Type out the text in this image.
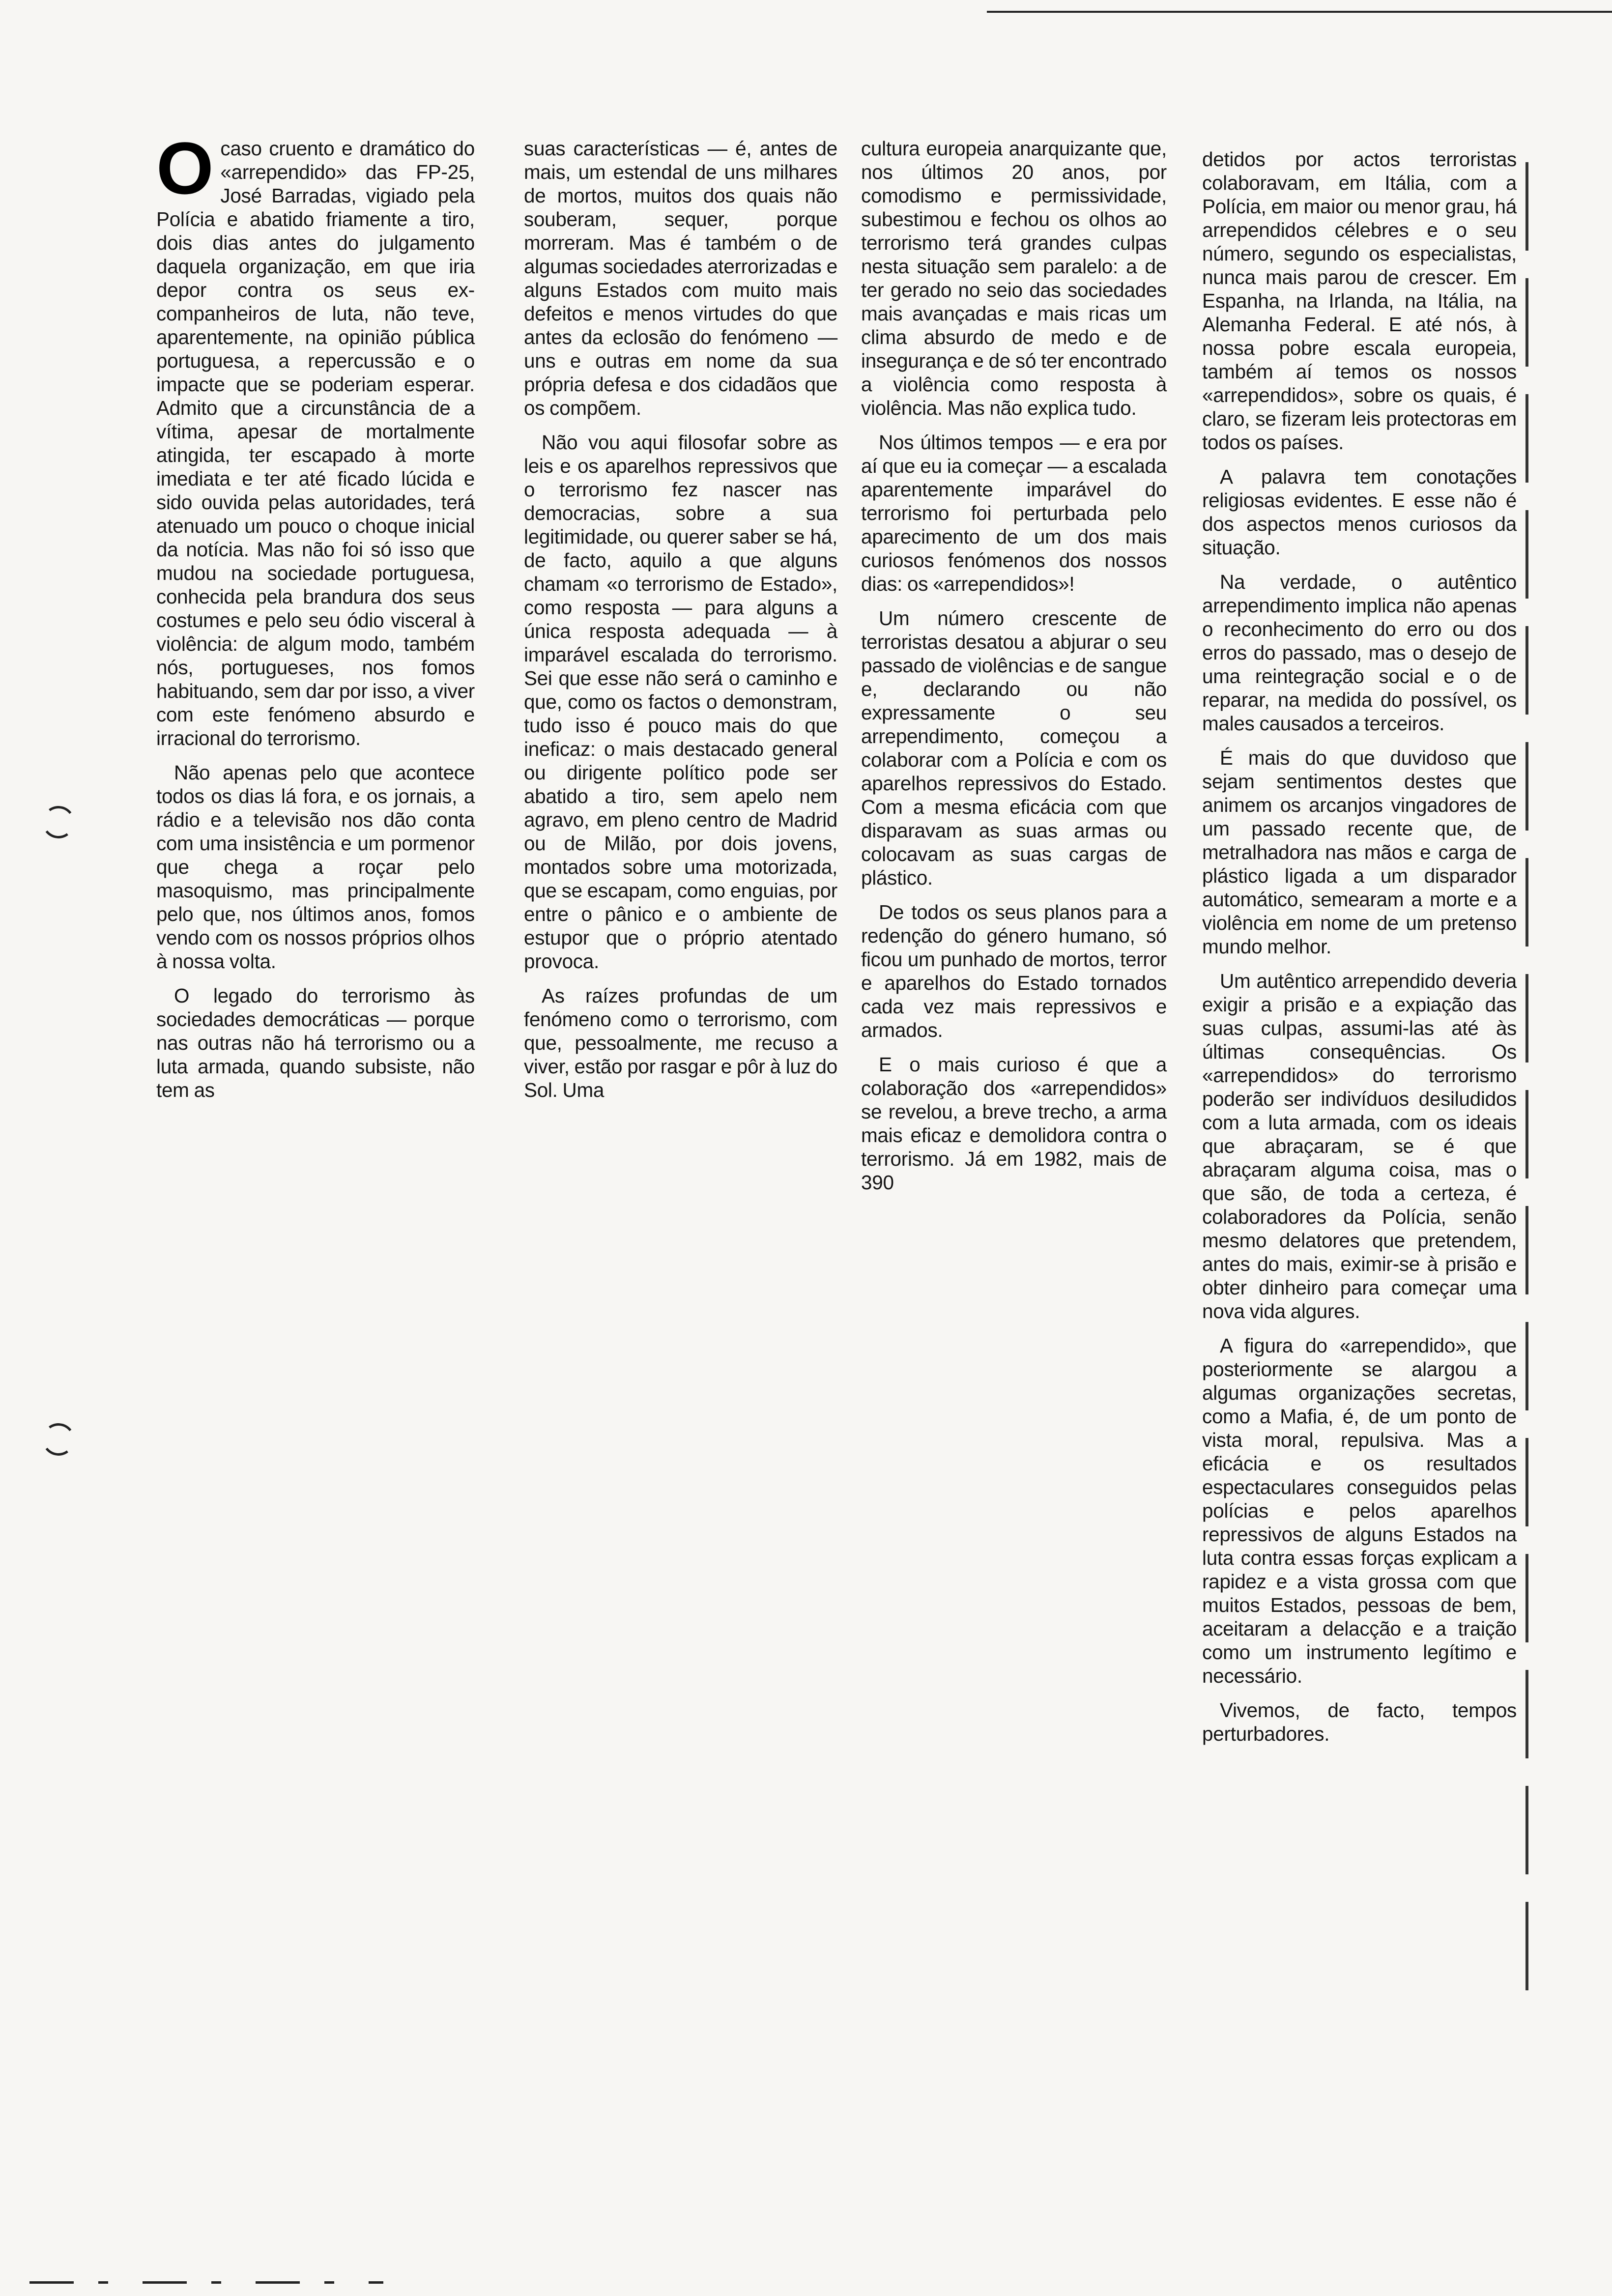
Ocaso cruento e dramático do «arrependido» das FP-25, José Barradas, vigiado pela Polícia e abatido friamente a tiro, dois dias antes do julgamento daquela organização, em que iria depor contra os seus ex-companheiros de luta, não teve, aparentemente, na opinião pública portuguesa, a repercussão e o impacte que se poderiam esperar. Admito que a circunstância de a vítima, apesar de mortalmente atingida, ter escapado à morte imediata e ter até ficado lúcida e sido ouvida pelas autoridades, terá atenuado um pouco o choque inicial da notícia. Mas não foi só isso que mudou na sociedade portuguesa, conhecida pela brandura dos seus costumes e pelo seu ódio visceral à violência: de algum modo, também nós, portugueses, nos fomos habituando, sem dar por isso, a viver com este fenómeno absurdo e irracional do terrorismo.

Não apenas pelo que acontece todos os dias lá fora, e os jornais, a rádio e a televisão nos dão conta com uma insistência e um pormenor que chega a roçar pelo masoquismo, mas principalmente pelo que, nos últimos anos, fomos vendo com os nossos próprios olhos à nossa volta.

O legado do terrorismo às sociedades democráticas — porque nas outras não há terrorismo ou a luta armada, quando subsiste, não tem as

suas características — é, antes de mais, um estendal de uns milhares de mortos, muitos dos quais não souberam, sequer, porque morreram. Mas é também o de algumas sociedades aterrorizadas e alguns Estados com muito mais defeitos e menos virtudes do que antes da eclosão do fenómeno — uns e outras em nome da sua própria defesa e dos cidadãos que os compõem.

Não vou aqui filosofar sobre as leis e os aparelhos repressivos que o terrorismo fez nascer nas democracias, sobre a sua legitimidade, ou querer saber se há, de facto, aquilo a que alguns chamam «o terrorismo de Estado», como resposta — para alguns a única resposta adequada — à imparável escalada do terrorismo. Sei que esse não será o caminho e que, como os factos o demonstram, tudo isso é pouco mais do que ineficaz: o mais destacado general ou dirigente político pode ser abatido a tiro, sem apelo nem agravo, em pleno centro de Madrid ou de Milão, por dois jovens, montados sobre uma motorizada, que se escapam, como enguias, por entre o pânico e o ambiente de estupor que o próprio atentado provoca.

As raízes profundas de um fenómeno como o terrorismo, com que, pessoalmente, me recuso a viver, estão por rasgar e pôr à luz do Sol. Uma

cultura europeia anarquizante que, nos últimos 20 anos, por comodismo e permissividade, subestimou e fechou os olhos ao terrorismo terá grandes culpas nesta situação sem paralelo: a de ter gerado no seio das sociedades mais avançadas e mais ricas um clima absurdo de medo e de insegurança e de só ter encontrado a violência como resposta à violência. Mas não explica tudo.

Nos últimos tempos — e era por aí que eu ia começar — a escalada aparentemente imparável do terrorismo foi perturbada pelo aparecimento de um dos mais curiosos fenómenos dos nossos dias: os «arrependidos»!

Um número crescente de terroristas desatou a abjurar o seu passado de violências e de sangue e, declarando ou não expressamente o seu arrependimento, começou a colaborar com a Polícia e com os aparelhos repressivos do Estado. Com a mesma eficácia com que disparavam as suas armas ou colocavam as suas cargas de plástico.

De todos os seus planos para a redenção do género humano, só ficou um punhado de mortos, terror e aparelhos do Estado tornados cada vez mais repressivos e armados.

E o mais curioso é que a colaboração dos «arrependidos» se revelou, a breve trecho, a arma mais eficaz e demolidora contra o terrorismo. Já em 1982, mais de 390

detidos por actos terroristas colaboravam, em Itália, com a Polícia, em maior ou menor grau, há arrependidos célebres e o seu número, segundo os especialistas, nunca mais parou de crescer. Em Espanha, na Irlanda, na Itália, na Alemanha Federal. E até nós, à nossa pobre escala europeia, também aí temos os nossos «arrependidos», sobre os quais, é claro, se fizeram leis protectoras em todos os países.

A palavra tem conotações religiosas evidentes. E esse não é dos aspectos menos curiosos da situação.

Na verdade, o autêntico arrependimento implica não apenas o reconhecimento do erro ou dos erros do passado, mas o desejo de uma reintegração social e o de reparar, na medida do possível, os males causados a terceiros.

É mais do que duvidoso que sejam sentimentos destes que animem os arcanjos vingadores de um passado recente que, de metralhadora nas mãos e carga de plástico ligada a um disparador automático, semearam a morte e a violência em nome de um pretenso mundo melhor.

Um autêntico arrependido deveria exigir a prisão e a expiação das suas culpas, assumi-las até às últimas consequências. Os «arrependidos» do terrorismo poderão ser indivíduos desiludidos com a luta armada, com os ideais que abraçaram, se é que abraçaram alguma coisa, mas o que são, de toda a certeza, é colaboradores da Polícia, senão mesmo delatores que pretendem, antes do mais, eximir-se à prisão e obter dinheiro para começar uma nova vida algures.

A figura do «arrependido», que posteriormente se alargou a algumas organizações secretas, como a Mafia, é, de um ponto de vista moral, repulsiva. Mas a eficácia e os resultados espectaculares conseguidos pelas polícias e pelos aparelhos repressivos de alguns Estados na luta contra essas forças explicam a rapidez e a vista grossa com que muitos Estados, pessoas de bem, aceitaram a delacção e a traição como um instrumento legítimo e necessário.

Vivemos, de facto, tempos perturbadores.
